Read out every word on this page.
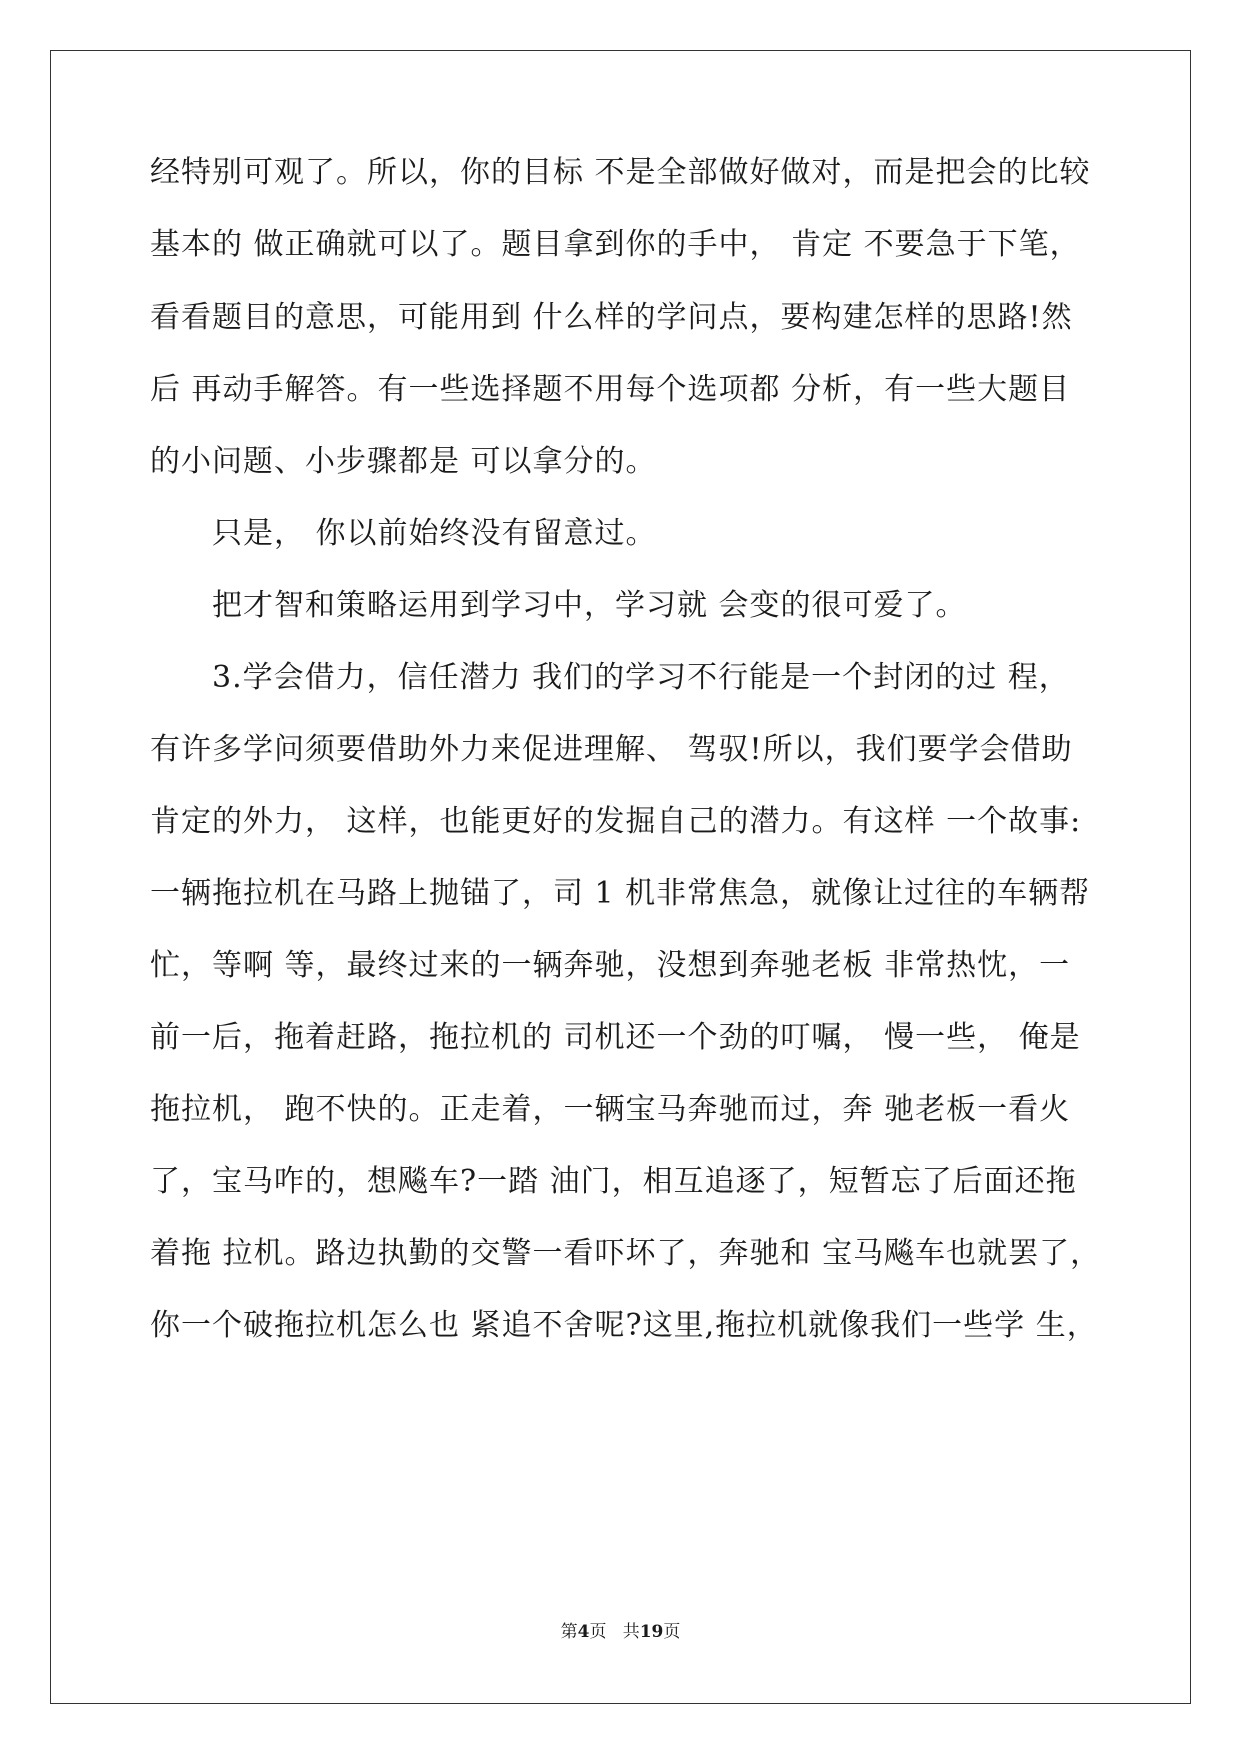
经特别可观了。所以，你的目标 不是全部做好做对，而是把会的比较
基本的 做正确就可以了。题目拿到你的手中， 肯定 不要急于下笔，
看看题目的意思，可能用到 什么样的学问点，要构建怎样的思路!然
后 再动手解答。有一些选择题不用每个选项都 分析，有一些大题目
的小问题、小步骤都是 可以拿分的。
只是， 你以前始终没有留意过。
把才智和策略运用到学习中，学习就 会变的很可爱了。
3.学会借力，信任潜力 我们的学习不行能是一个封闭的过 程，
有许多学问须要借助外力来促进理解、 驾驭!所以，我们要学会借助
肯定的外力， 这样，也能更好的发掘自己的潜力。有这样 一个故事:
一辆拖拉机在马路上抛锚了，司 1 机非常焦急，就像让过往的车辆帮
忙，等啊 等，最终过来的一辆奔驰，没想到奔驰老板 非常热忱，一
前一后，拖着赶路，拖拉机的 司机还一个劲的叮嘱， 慢一些， 俺是
拖拉机， 跑不快的。正走着，一辆宝马奔驰而过，奔 驰老板一看火
了，宝马咋的，想飚车?一踏 油门，相互追逐了，短暂忘了后面还拖
着拖 拉机。路边执勤的交警一看吓坏了，奔驰和 宝马飚车也就罢了，
你一个破拖拉机怎么也 紧追不舍呢?这里,拖拉机就像我们一些学 生，
第4页 共19页
